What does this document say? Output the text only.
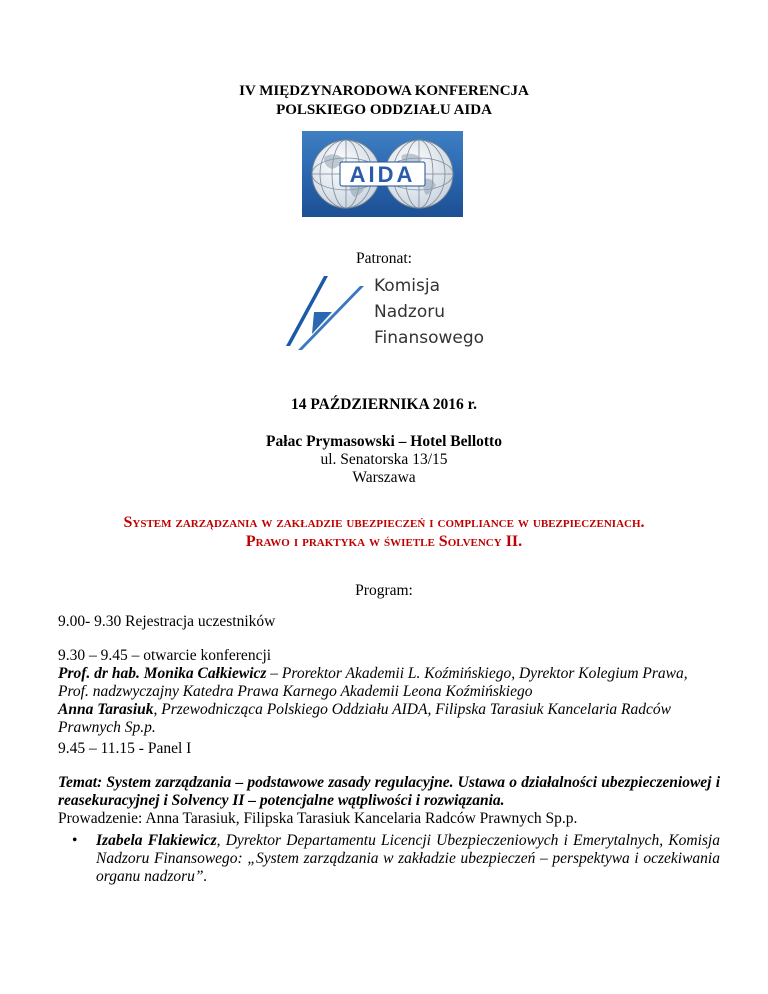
IV MIĘDZYNARODOWA KONFERENCJA
POLSKIEGO ODDZIAŁU AIDA
AIDA
Patronat:
Komisja
Nadzoru
Finansowego
14 PAŹDZIERNIKA 2016 r.
Pałac Prymasowski – Hotel Bellotto
ul. Senatorska 13/15
Warszawa
System zarządzania w zakładzie ubezpieczeń i compliance w ubezpieczeniach.
Prawo i praktyka w świetle Solvency II.
Program:
9.00- 9.30 Rejestracja uczestników
9.30 – 9.45 – otwarcie konferencji
Prof. dr hab. Monika Całkiewicz – Prorektor Akademii L. Koźmińskiego, Dyrektor Kolegium Prawa, Prof. nadzwyczajny Katedra Prawa Karnego Akademii Leona Koźmińskiego
Anna Tarasiuk, Przewodnicząca Polskiego Oddziału AIDA, Filipska Tarasiuk Kancelaria Radców Prawnych Sp.p.
9.45 – 11.15 - Panel I
Temat: System zarządzania – podstawowe zasady regulacyjne. Ustawa o działalności ubezpieczeniowej i reasekuracyjnej i Solvency II – potencjalne wątpliwości i rozwiązania.
Prowadzenie: Anna Tarasiuk, Filipska Tarasiuk Kancelaria Radców Prawnych Sp.p.
• Izabela Flakiewicz, Dyrektor Departamentu Licencji Ubezpieczeniowych i Emerytalnych, Komisja Nadzoru Finansowego: „System zarządzania w zakładzie ubezpieczeń – perspektywa i oczekiwania organu nadzoru”.
